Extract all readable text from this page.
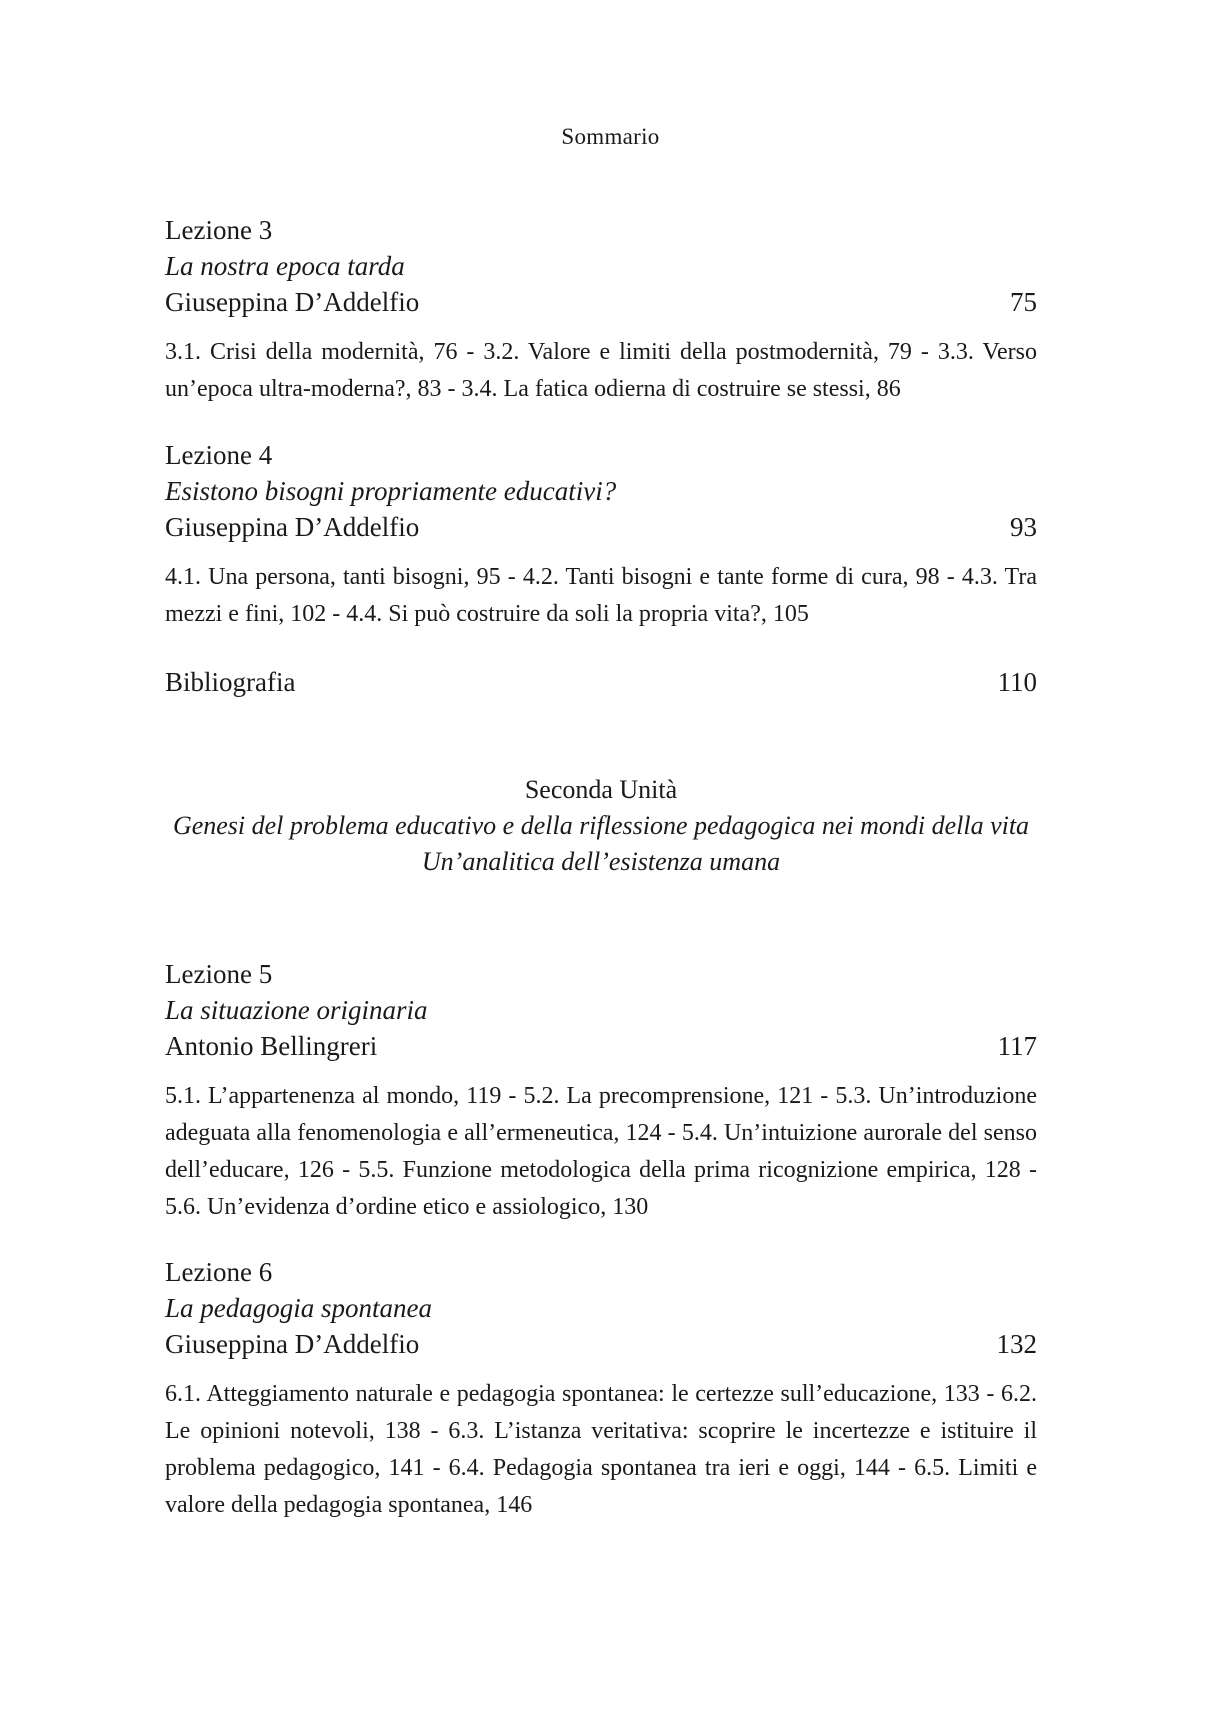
Sommario
Lezione 3
La nostra epoca tarda
Giuseppina D’Addelfio	75
3.1. Crisi della modernità, 76 - 3.2. Valore e limiti della postmodernità, 79 - 3.3. Verso un’epoca ultra-moderna?, 83 - 3.4. La fatica odierna di costruire se stessi, 86
Lezione 4
Esistono bisogni propriamente educativi?
Giuseppina D’Addelfio	93
4.1. Una persona, tanti bisogni, 95 - 4.2. Tanti bisogni e tante forme di cura, 98 - 4.3. Tra mezzi e fini, 102 - 4.4. Si può costruire da soli la propria vita?, 105
Bibliografia	110
Seconda Unità
Genesi del problema educativo e della riflessione pedagogica nei mondi della vita
Un’analitica dell’esistenza umana
Lezione 5
La situazione originaria
Antonio Bellingreri	117
5.1. L’appartenenza al mondo, 119 - 5.2. La precomprensione, 121 - 5.3. Un’introduzione adeguata alla fenomenologia e all’ermeneutica, 124 - 5.4. Un’intuizione aurorale del senso dell’educare, 126 - 5.5. Funzione metodologica della prima ricognizione empirica, 128 - 5.6. Un’evidenza d’ordine etico e assiologico, 130
Lezione 6
La pedagogia spontanea
Giuseppina D’Addelfio	132
6.1. Atteggiamento naturale e pedagogia spontanea: le certezze sull’educazione, 133 - 6.2. Le opinioni notevoli, 138 - 6.3. L’istanza veritativa: scoprire le incertezze e istituire il problema pedagogico, 141 - 6.4. Pedagogia spontanea tra ieri e oggi, 144 - 6.5. Limiti e valore della pedagogia spontanea, 146
